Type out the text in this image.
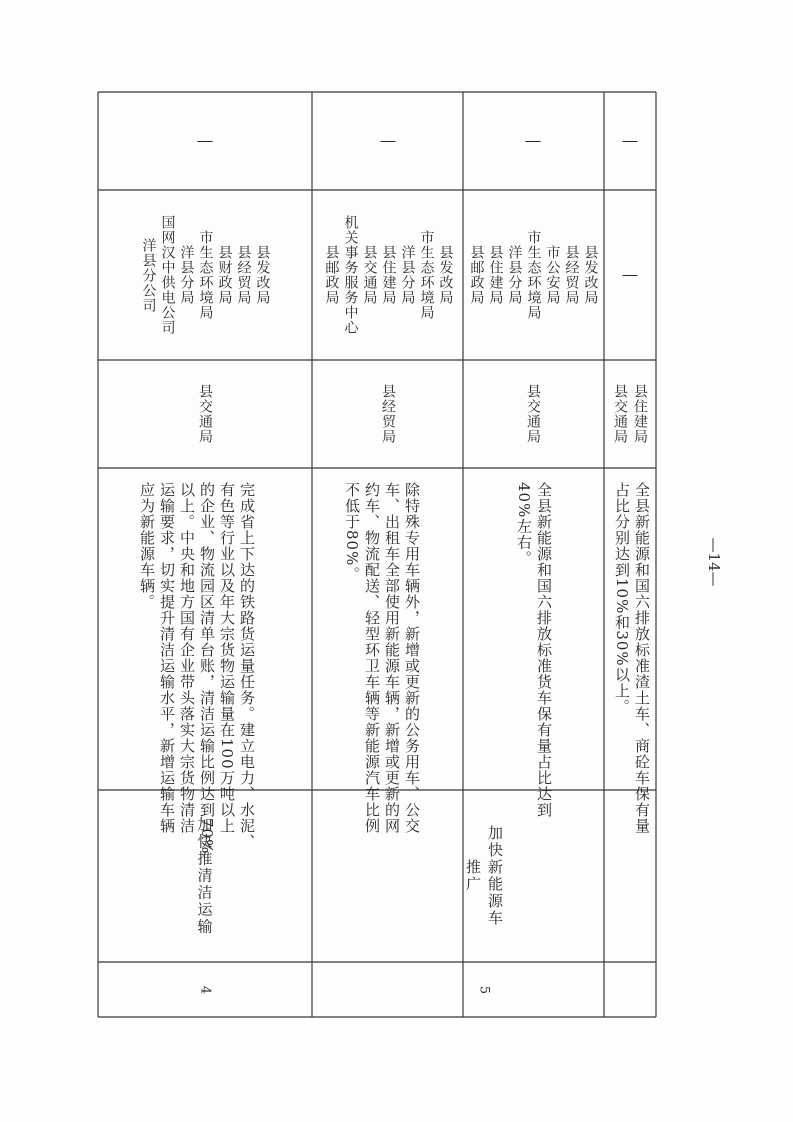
4
加快推清洁运输
完成省上下达的铁路货运量任务。建立电力、水泥、
有色等行业以及年大宗货物运输量在100万吨以上
的企业、物流园区清单台账，清洁运输比例达到70%
以上。中央和地方国有企业带头落实大宗货物清洁
运输要求，切实提升清洁运输水平，新增运输车辆
应为新能源车辆。
县交通局
县发改局
县经贸局
县财政局
市生态环境局
洋县分局
国网汉中供电公司
洋县分公司
—
5
加快新能源车
推广
除特殊专用车辆外，新增或更新的公务用车、公交
车、出租车全部使用新能源车辆，新增或更新的网
约车、物流配送、轻型环卫车辆等新能源汽车比例
不低于80%。
县经贸局
县发改局
市生态环境局
洋县分局
县住建局
县交通局
机关事务服务中心
县邮政局
—
全县新能源和国六排放标准货车保有量占比达到
40%左右。
县交通局
县发改局
县经贸局
市公安局
市生态环境局
洋县分局
县住建局
县邮政局
—
全县新能源和国六排放标准渣土车、商砼车保有量
占比分别达到10%和30%以上。
县住建局
县交通局
—
—
—14—
